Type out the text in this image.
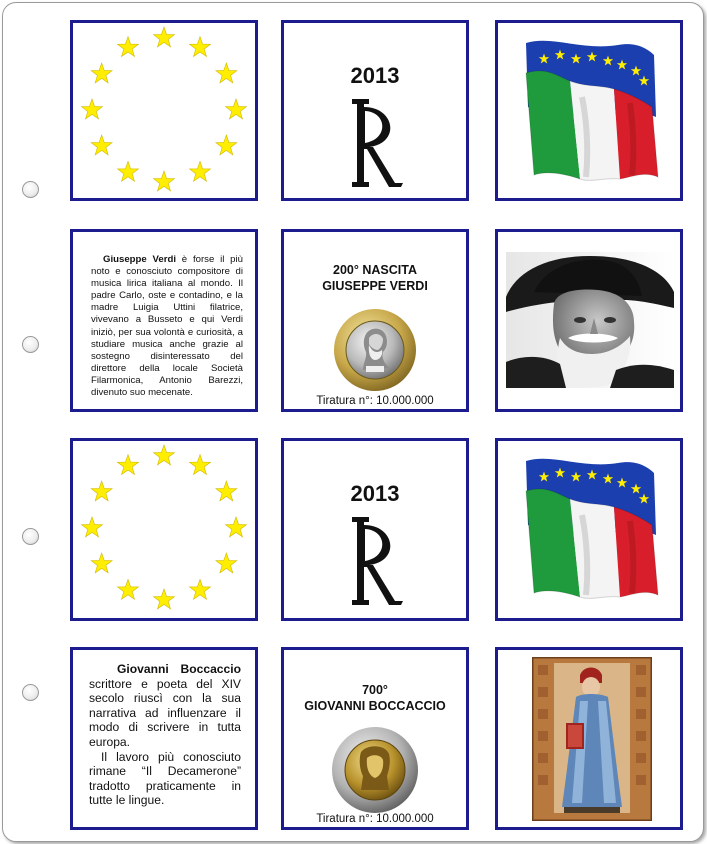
2013
Giuseppe Verdi è forse il più noto e conosciuto compositore di musica lirica italiana al mondo. Il padre Carlo, oste e contadino, e la madre Luigia Uttini filatrice, vivevano a Busseto e qui Verdi iniziò, per sua volontà e curiosità, a studiare musica anche grazie al sostegno disinteressato del direttore della locale Società Filarmonica, Antonio Barezzi, divenuto suo mecenate.
200° NASCITA
GIUSEPPE VERDI
Tiratura n°: 10.000.000
2013
Giovanni Boccaccio scrittore e poeta del XIV secolo riuscì con la sua narrativa ad influenzare il modo di scrivere in tutta europa.
Il lavoro più conosciuto rimane “Il Decamerone” tradotto praticamente in tutte le lingue.
700°
GIOVANNI BOCCACCIO
Tiratura n°: 10.000.000
